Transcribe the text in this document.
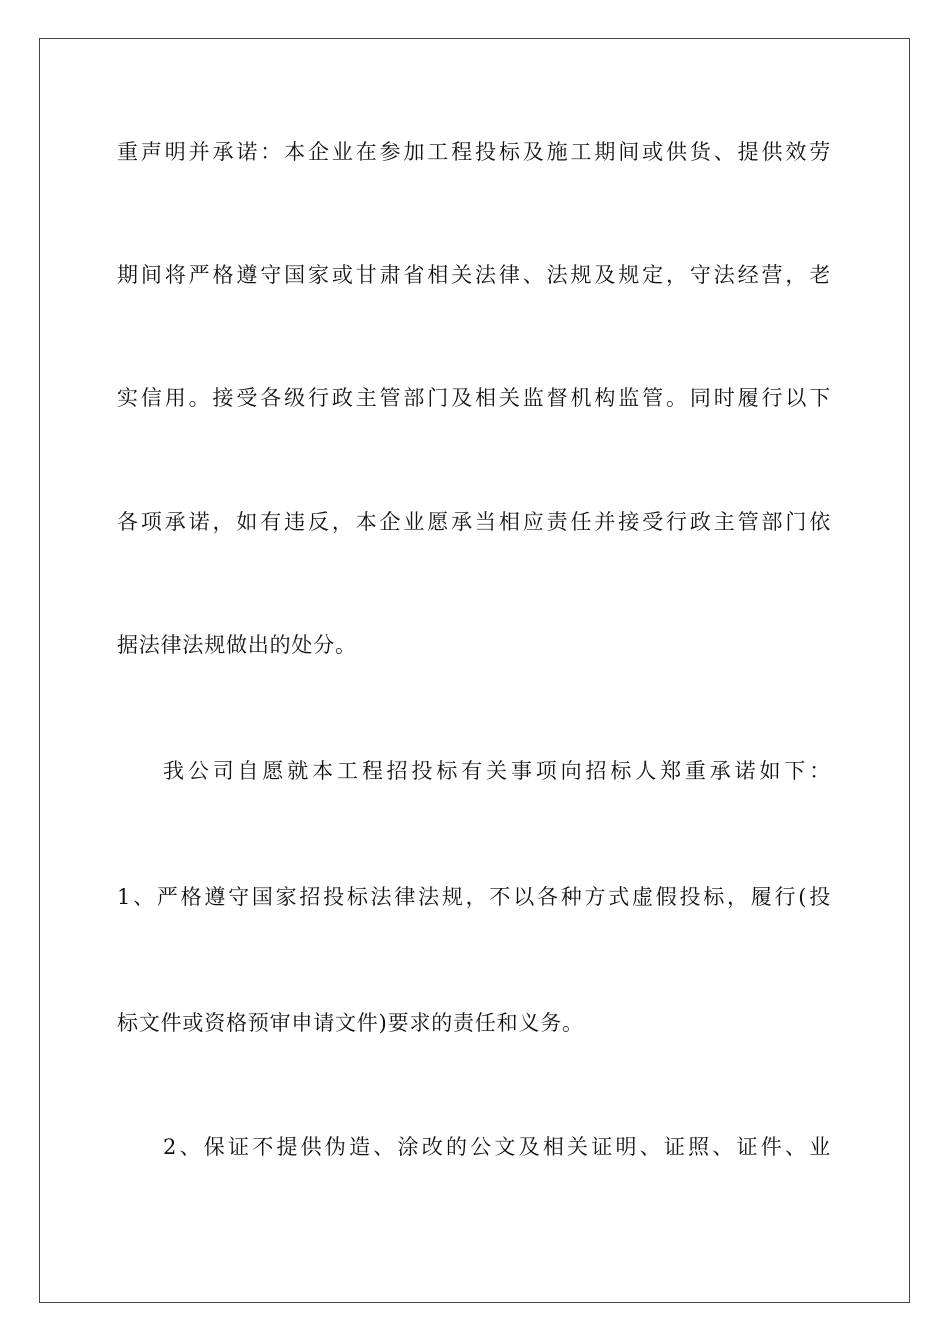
重声明并承诺：本企业在参加工程投标及施工期间或供货、提供效劳
期间将严格遵守国家或甘肃省相关法律、法规及规定，守法经营，老
实信用。接受各级行政主管部门及相关监督机构监管。同时履行以下
各项承诺，如有违反，本企业愿承当相应责任并接受行政主管部门依
据法律法规做出的处分。
我公司自愿就本工程招投标有关事项向招标人郑重承诺如下：
1、严格遵守国家招投标法律法规，不以各种方式虚假投标，履行(投
标文件或资格预审申请文件)要求的责任和义务。
2、保证不提供伪造、涂改的公文及相关证明、证照、证件、业
